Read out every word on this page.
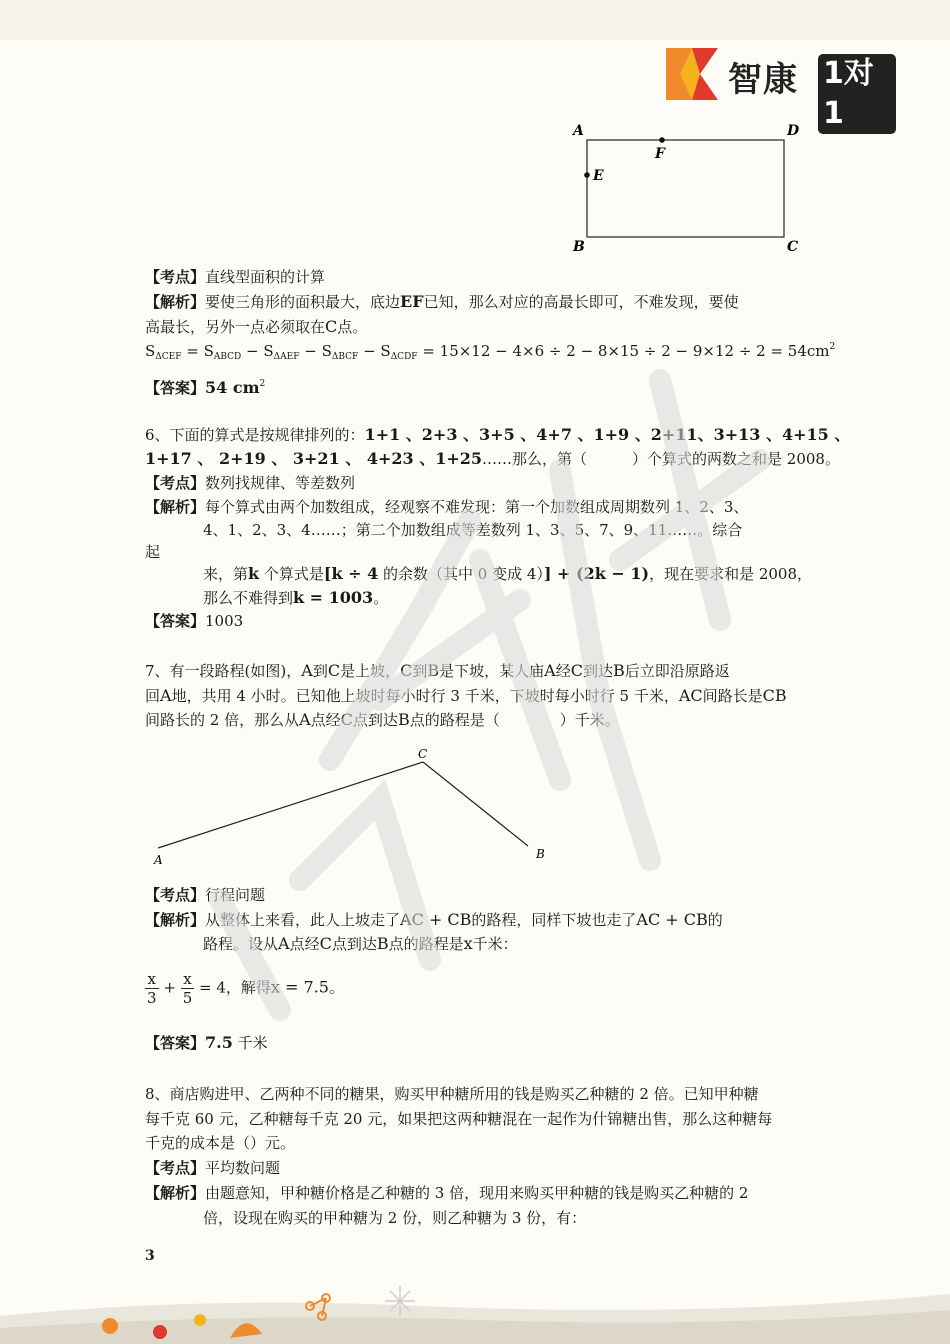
智康 1对1
A	D
F
E
B	C
【考点】直线型面积的计算
【解析】要使三角形的面积最大，底边EF已知，那么对应的高最长即可，不难发现，要使
高最长，另外一点必须取在C点。
$S_{\Delta CEF} = S_{ABCD} - S_{\Delta AEF} - S_{\Delta BCF} - S_{\Delta CDF} = 15\times 12 - 4\times 6 \div 2 - 8\times 15 \div 2 - 9\times 12 \div 2 = 54cm^2$
【答案】54 $cm^2$
6、下面的算式是按规律排列的：1+1 、2+3 、3+5 、4+7 、1+9 、2+11、3+13 、4+15 、
1+17 、 2+19 、 3+21 、 4+23 、1+25……那么，第（　　　）个算式的两数之和是 2008。
【考点】数列找规律、等差数列
【解析】每个算式由两个加数组成，经观察不难发现：第一个加数组成周期数列 1、2、3、
4、1、2、3、4……；第二个加数组成等差数列 1、3、5、7、9、11……。综合
起
来，第k 个算式是[k ÷ 4 的余数（其中 0 变成 4）] + (2k − 1)，现在要求和是 2008，
那么不难得到k = 1003。
【答案】1003
7、有一段路程(如图)，A到C是上坡，C到B是下坡，某人庙A经C到达B后立即沿原路返
回A地，共用 4 小时。已知他上坡时每小时行 3 千米，下坡时每小时行 5 千米，AC间路长是CB
间路长的 2 倍，那么从A点经C点到达B点的路程是（　　　　）千米。
A
C
B
【考点】行程问题
【解析】从整体上来看，此人上坡走了AC + CB的路程，同样下坡也走了AC + CB的
路程。设从A点经C点到达B点的路程是x千米：
$\frac{x}{3} + \frac{x}{5} = 4$，解得x = 7.5。
【答案】7.5 千米
8、商店购进甲、乙两种不同的糖果，购买甲种糖所用的钱是购买乙种糖的 2 倍。已知甲种糖
每千克 60 元，乙种糖每千克 20 元，如果把这两种糖混在一起作为什锦糖出售，那么这种糖每
千克的成本是（）元。
【考点】平均数问题
【解析】由题意知，甲种糖价格是乙种糖的 3 倍，现用来购买甲种糖的钱是购买乙种糖的 2
倍，设现在购买的甲种糖为 2 份，则乙种糖为 3 份，有：
3
